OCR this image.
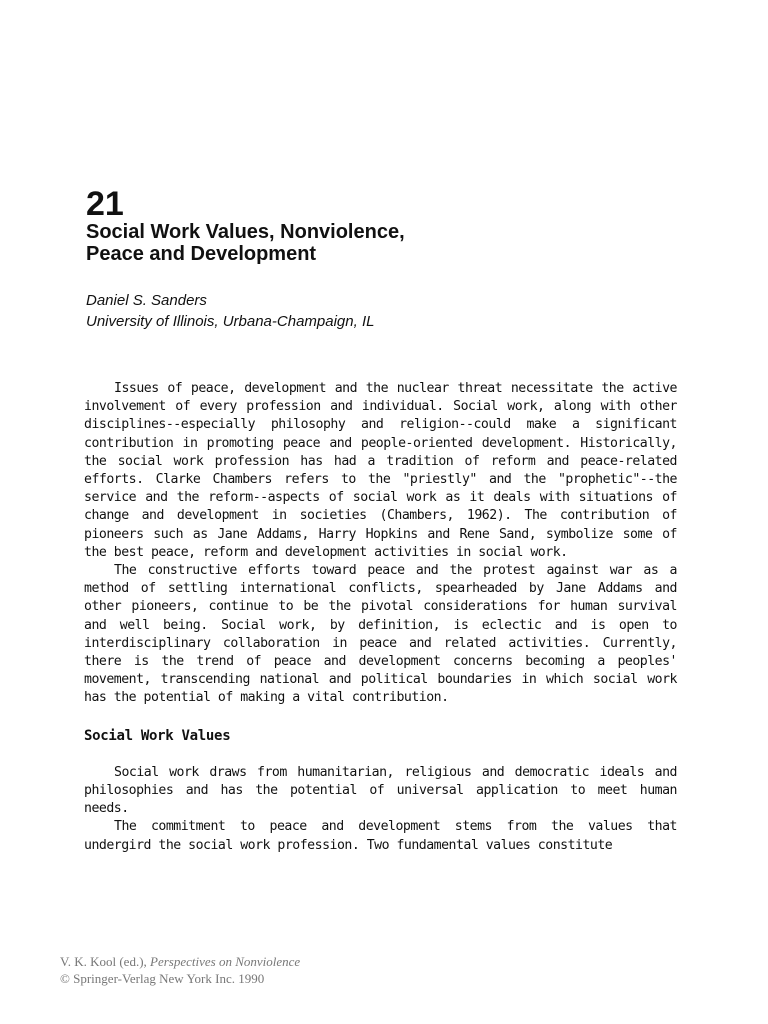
21
Social Work Values, Nonviolence,
Peace and Development
Daniel S. Sanders
University of Illinois, Urbana-Champaign, IL

Issues of peace, development and the nuclear threat necessitate the active involvement of every profession and individual. Social work, along with other disciplines--especially philosophy and religion--could make a significant contribution in promoting peace and people-oriented development. Historically, the social work profession has had a tradition of reform and peace-related efforts. Clarke Chambers refers to the "priestly" and the "prophetic"--the service and the reform--aspects of social work as it deals with situations of change and development in societies (Chambers, 1962). The contribution of pioneers such as Jane Addams, Harry Hopkins and Rene Sand, symbolize some of the best peace, reform and development activities in social work.

The constructive efforts toward peace and the protest against war as a method of settling international conflicts, spearheaded by Jane Addams and other pioneers, continue to be the pivotal considerations for human survival and well being. Social work, by definition, is eclectic and is open to interdisciplinary collaboration in peace and related activities. Currently, there is the trend of peace and development concerns becoming a peoples' movement, transcending national and political boundaries in which social work has the potential of making a vital contribution.

Social Work Values

Social work draws from humanitarian, religious and democratic ideals and philosophies and has the potential of universal application to meet human needs.

The commitment to peace and development stems from the values that undergird the social work profession. Two fundamental values constitute

V. K. Kool (ed.), Perspectives on Nonviolence
© Springer-Verlag New York Inc. 1990
